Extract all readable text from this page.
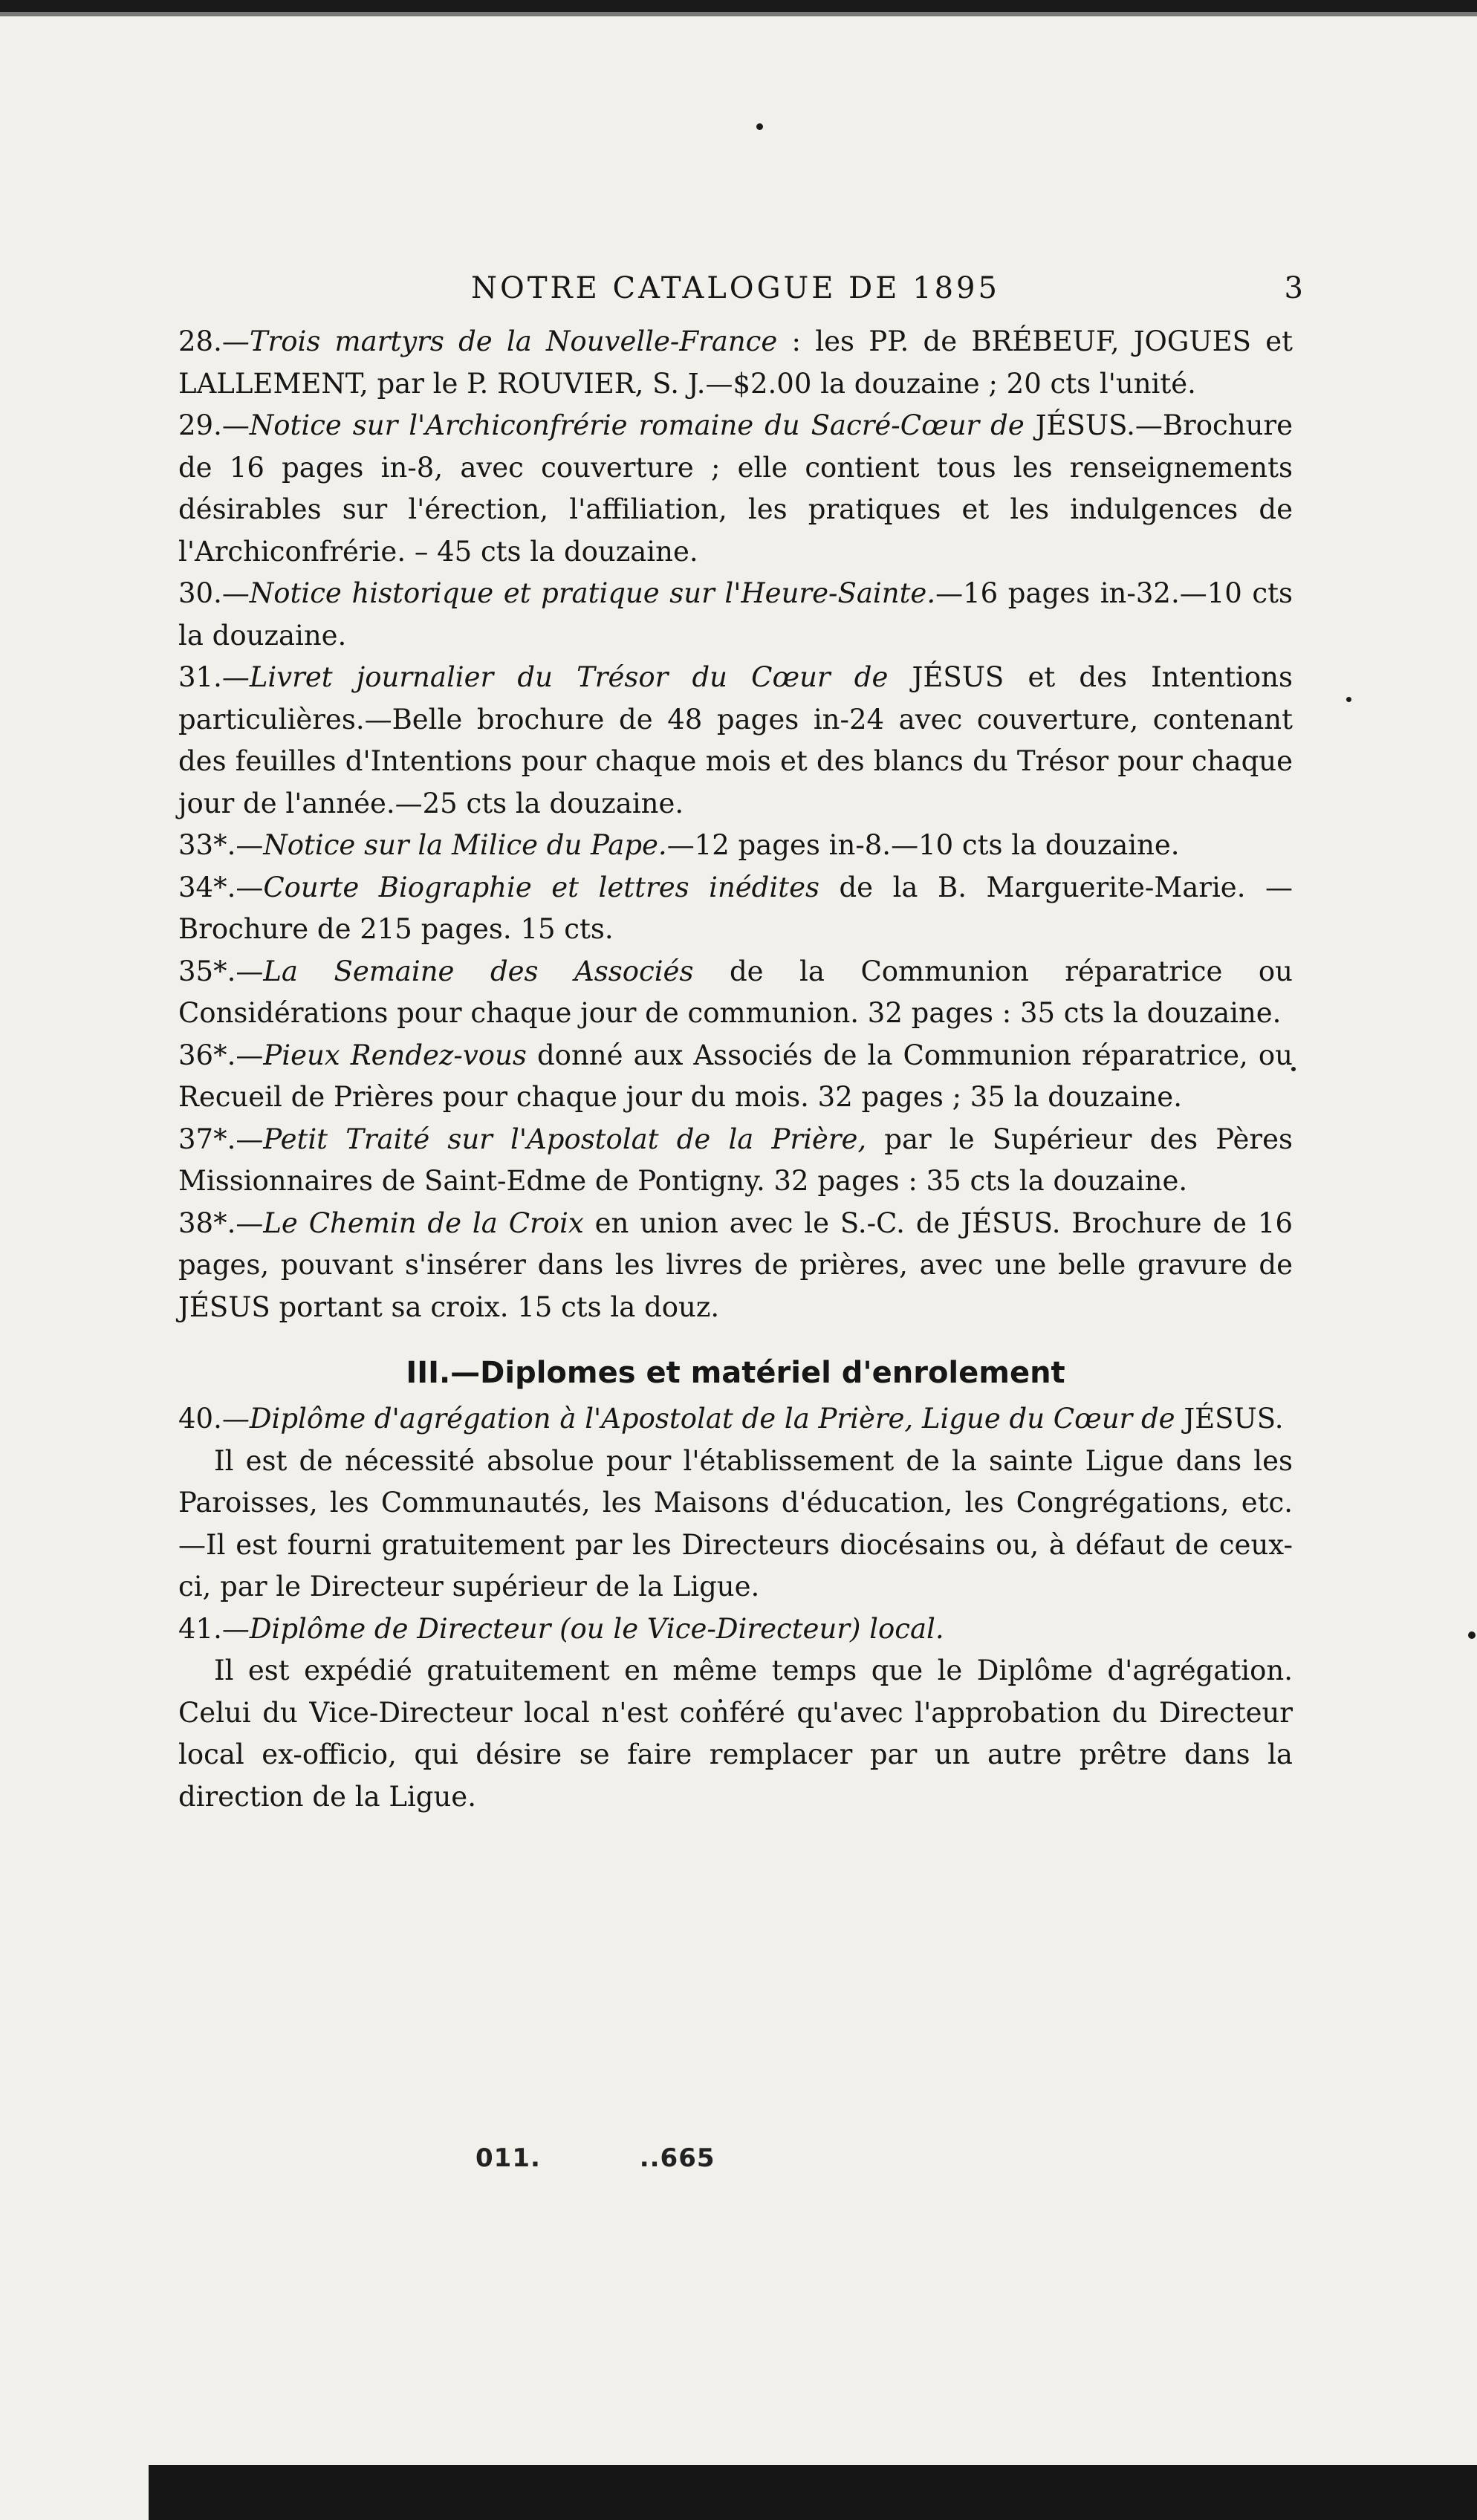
NOTRE CATALOGUE DE 1895	3

28.—Trois martyrs de la Nouvelle-France : les PP. de BRÉBEUF, JOGUES et LALLEMENT, par le P. ROUVIER, S. J.—$2.00 la douzaine ; 20 cts l'unité.

29.—Notice sur l'Archiconfrérie romaine du Sacré-Cœur de JÉSUS.—Brochure de 16 pages in-8, avec couverture ; elle contient tous les renseignements désirables sur l'érection, l'affiliation, les pratiques et les indulgences de l'Archiconfrérie. – 45 cts la douzaine.

30.—Notice historique et pratique sur l'Heure-Sainte.—16 pages in-32.—10 cts la douzaine.

31.—Livret journalier du Trésor du Cœur de JÉSUS et des Intentions particulières.—Belle brochure de 48 pages in-24 avec couverture, contenant des feuilles d'Intentions pour chaque mois et des blancs du Trésor pour chaque jour de l'année.—25 cts la douzaine.

33*.—Notice sur la Milice du Pape.—12 pages in-8.—10 cts la douzaine.

34*.—Courte Biographie et lettres inédites de la B. Marguerite-Marie. —Brochure de 215 pages. 15 cts.

35*.—La Semaine des Associés de la Communion réparatrice ou Considérations pour chaque jour de communion. 32 pages : 35 cts la douzaine.

36*.—Pieux Rendez-vous donné aux Associés de la Communion réparatrice, ou Recueil de Prières pour chaque jour du mois. 32 pages ; 35 la douzaine.

37*.—Petit Traité sur l'Apostolat de la Prière, par le Supérieur des Pères Missionnaires de Saint-Edme de Pontigny. 32 pages : 35 cts la douzaine.

38*.—Le Chemin de la Croix en union avec le S.-C. de JÉSUS. Brochure de 16 pages, pouvant s'insérer dans les livres de prières, avec une belle gravure de JÉSUS portant sa croix. 15 cts la douz.

III.—Diplomes et matériel d'enrolement

40.—Diplôme d'agrégation à l'Apostolat de la Prière, Ligue du Cœur de JÉSUS.

Il est de nécessité absolue pour l'établissement de la sainte Ligue dans les Paroisses, les Communautés, les Maisons d'éducation, les Congrégations, etc.—Il est fourni gratuitement par les Directeurs diocésains ou, à défaut de ceux-ci, par le Directeur supérieur de la Ligue.

41.—Diplôme de Directeur (ou le Vice-Directeur) local.

Il est expédié gratuitement en même temps que le Diplôme d'agrégation. Celui du Vice-Directeur local n'est conféré qu'avec l'approbation du Directeur local ex-officio, qui désire se faire remplacer par un autre prêtre dans la direction de la Ligue.

011. ..665
